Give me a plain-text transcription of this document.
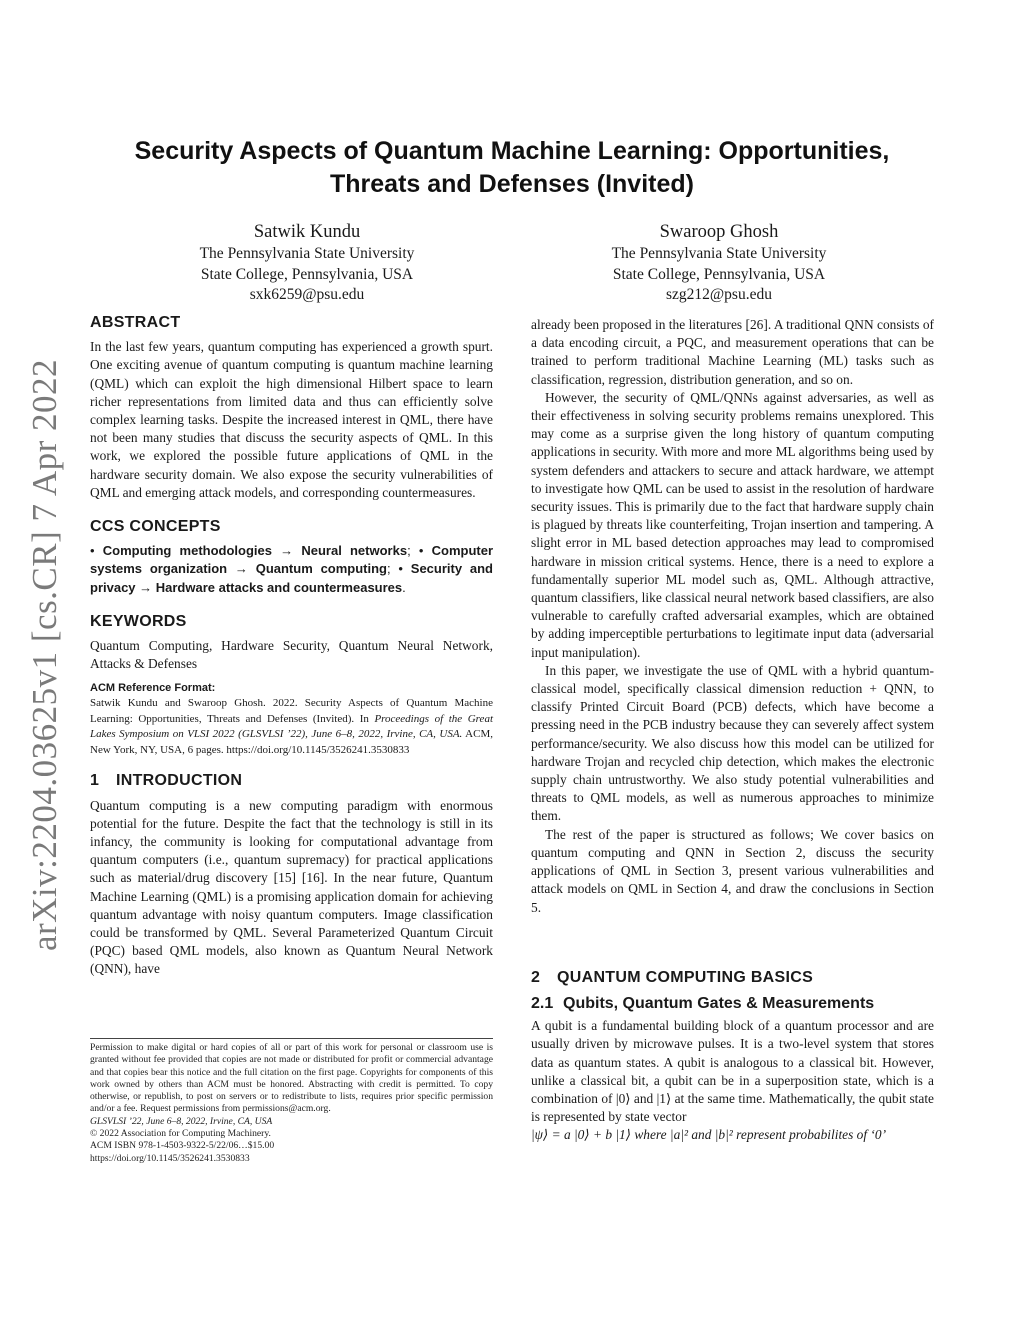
arXiv:2204.03625v1 [cs.CR] 7 Apr 2022
Security Aspects of Quantum Machine Learning: Opportunities,
Threats and Defenses (Invited)
Satwik Kundu
The Pennsylvania State University
State College, Pennsylvania, USA
sxk6259@psu.edu
Swaroop Ghosh
The Pennsylvania State University
State College, Pennsylvania, USA
szg212@psu.edu
ABSTRACT

In the last few years, quantum computing has experienced a growth spurt. One exciting avenue of quantum computing is quantum machine learning (QML) which can exploit the high dimensional Hilbert space to learn richer representations from limited data and thus can efficiently solve complex learning tasks. Despite the increased interest in QML, there have not been many studies that discuss the security aspects of QML. In this work, we explored the possible future applications of QML in the hardware security domain. We also expose the security vulnerabilities of QML and emerging attack models, and corresponding countermeasures.

CCS CONCEPTS
• Computing methodologies → Neural networks; • Computer systems organization → Quantum computing; • Security and privacy → Hardware attacks and countermeasures.
KEYWORDS

Quantum Computing, Hardware Security, Quantum Neural Network, Attacks & Defenses

ACM Reference Format:

Satwik Kundu and Swaroop Ghosh. 2022. Security Aspects of Quantum Machine Learning: Opportunities, Threats and Defenses (Invited). In Proceedings of the Great Lakes Symposium on VLSI 2022 (GLSVLSI ’22), June 6–8, 2022, Irvine, CA, USA. ACM, New York, NY, USA, 6 pages. https://doi.org/10.1145/3526241.3530833

1 INTRODUCTION

Quantum computing is a new computing paradigm with enormous potential for the future. Despite the fact that the technology is still in its infancy, the community is looking for computational advantage from quantum computers (i.e., quantum supremacy) for practical applications such as material/drug discovery [15] [16]. In the near future, Quantum Machine Learning (QML) is a promising application domain for achieving quantum advantage with noisy quantum computers. Image classification could be transformed by QML. Several Parameterized Quantum Circuit (PQC) based QML models, also known as Quantum Neural Network (QNN), have

Permission to make digital or hard copies of all or part of this work for personal or classroom use is granted without fee provided that copies are not made or distributed for profit or commercial advantage and that copies bear this notice and the full citation on the first page. Copyrights for components of this work owned by others than ACM must be honored. Abstracting with credit is permitted. To copy otherwise, or republish, to post on servers or to redistribute to lists, requires prior specific permission and/or a fee. Request permissions from permissions@acm.org.

GLSVLSI ’22, June 6–8, 2022, Irvine, CA, USA
© 2022 Association for Computing Machinery.
ACM ISBN 978-1-4503-9322-5/22/06…$15.00
https://doi.org/10.1145/3526241.3530833

already been proposed in the literatures [26]. A traditional QNN consists of a data encoding circuit, a PQC, and measurement operations that can be trained to perform traditional Machine Learning (ML) tasks such as classification, regression, distribution generation, and so on.

However, the security of QML/QNNs against adversaries, as well as their effectiveness in solving security problems remains unexplored. This may come as a surprise given the long history of quantum computing applications in security. With more and more ML algorithms being used by system defenders and attackers to secure and attack hardware, we attempt to investigate how QML can be used to assist in the resolution of hardware security issues. This is primarily due to the fact that hardware supply chain is plagued by threats like counterfeiting, Trojan insertion and tampering. A slight error in ML based detection approaches may lead to compromised hardware in mission critical systems. Hence, there is a need to explore a fundamentally superior ML model such as, QML. Although attractive, quantum classifiers, like classical neural network based classifiers, are also vulnerable to carefully crafted adversarial examples, which are obtained by adding imperceptible perturbations to legitimate input data (adversarial input manipulation).

In this paper, we investigate the use of QML with a hybrid quantum-classical model, specifically classical dimension reduction + QNN, to classify Printed Circuit Board (PCB) defects, which have become a pressing need in the PCB industry because they can severely affect system performance/security. We also discuss how this model can be utilized for hardware Trojan and recycled chip detection, which makes the electronic supply chain untrustworthy. We also study potential vulnerabilities and threats to QML models, as well as numerous approaches to minimize them.

The rest of the paper is structured as follows; We cover basics on quantum computing and QNN in Section 2, discuss the security applications of QML in Section 3, present various vulnerabilities and attack models on QML in Section 4, and draw the conclusions in Section 5.

2 QUANTUM COMPUTING BASICS
2.1 Qubits, Quantum Gates & Measurements

A qubit is a fundamental building block of a quantum processor and are usually driven by microwave pulses. It is a two-level system that stores data as quantum states. A qubit is analogous to a classical bit. However, unlike a classical bit, a qubit can be in a superposition state, which is a combination of |0⟩ and |1⟩ at the same time. Mathematically, the qubit state is represented by state vector

|ψ⟩ = a |0⟩ + b |1⟩ where |a|² and |b|² represent probabilites of ‘0’
